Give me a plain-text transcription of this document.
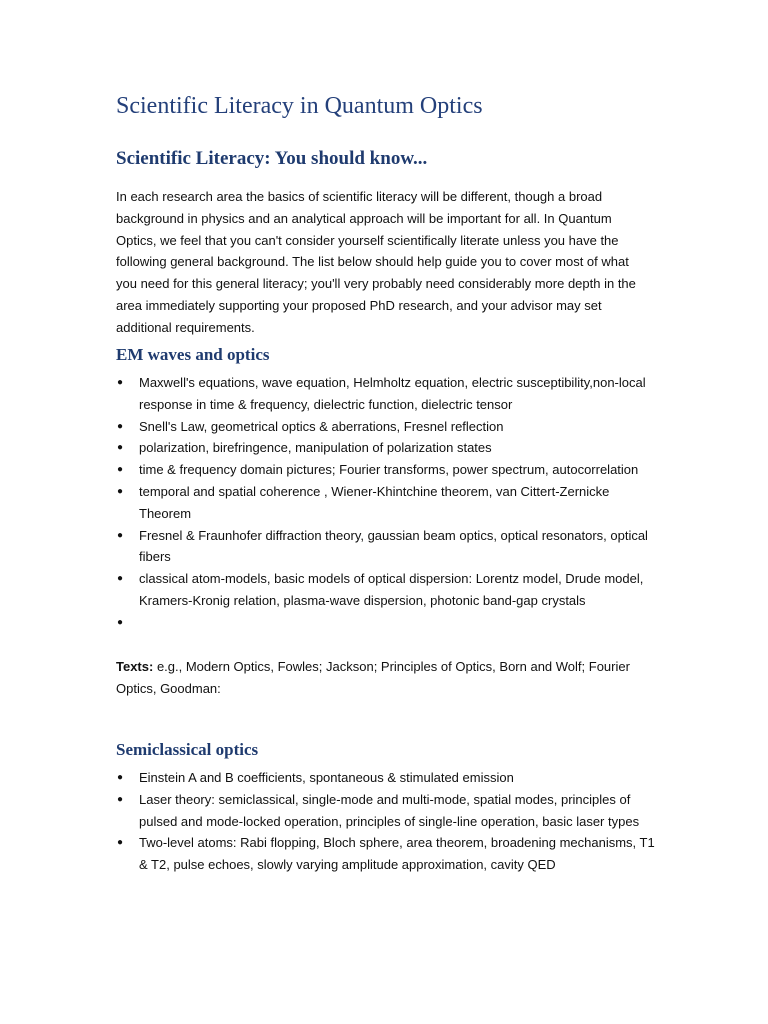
Scientific Literacy in Quantum Optics
Scientific Literacy: You should know...

In each research area the basics of scientific literacy will be different, though a broad background in physics and an analytical approach will be important for all. In Quantum Optics, we feel that you can't consider yourself scientifically literate unless you have the following general background. The list below should help guide you to cover most of what you need for this general literacy; you'll very probably need considerably more depth in the area immediately supporting your proposed PhD research, and your advisor may set additional requirements.

EM waves and optics
● Maxwell's equations, wave equation, Helmholtz equation, electric susceptibility,non-local response in time & frequency, dielectric function, dielectric tensor
● Snell's Law, geometrical optics & aberrations, Fresnel reflection
● polarization, birefringence, manipulation of polarization states
● time & frequency domain pictures; Fourier transforms, power spectrum, autocorrelation
● temporal and spatial coherence , Wiener-Khintchine theorem, van Cittert-Zernicke Theorem
● Fresnel & Fraunhofer diffraction theory, gaussian beam optics, optical resonators, optical fibers
● classical atom-models, basic models of optical dispersion: Lorentz model, Drude model, Kramers-Kronig relation, plasma-wave dispersion, photonic band-gap crystals
●

Texts: e.g., Modern Optics, Fowles; Jackson; Principles of Optics, Born and Wolf; Fourier Optics, Goodman:

Semiclassical optics
● Einstein A and B coefficients, spontaneous & stimulated emission
● Laser theory: semiclassical, single-mode and multi-mode, spatial modes, principles of pulsed and mode-locked operation, principles of single-line operation, basic laser types
● Two-level atoms: Rabi flopping, Bloch sphere, area theorem, broadening mechanisms, T1 & T2, pulse echoes, slowly varying amplitude approximation, cavity QED
